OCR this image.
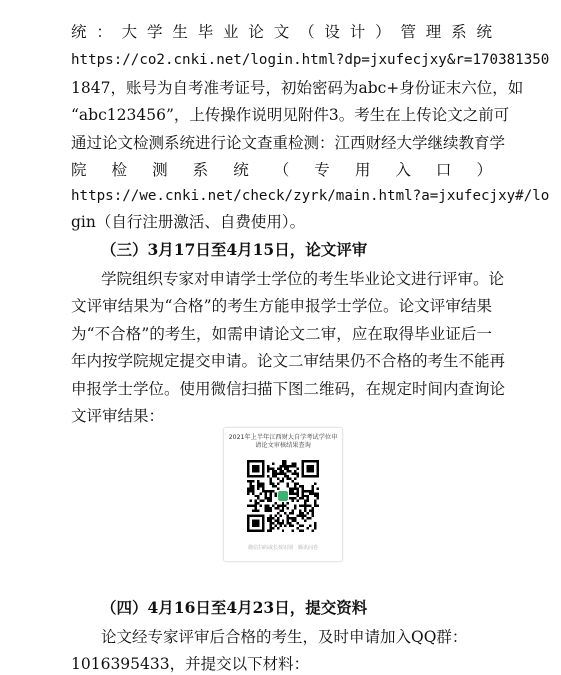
统：大学生毕业论文（设计）管理系统
https://co2.cnki.net/login.html?dp=jxufecjxy&r=170381350
1847，账号为自考准考证号，初始密码为abc+身份证末六位，如
“abc123456”，上传操作说明见附件3。考生在上传论文之前可
通过论文检测系统进行论文查重检测：江西财经大学继续教育学
院检测系统（专用入口）
https://we.cnki.net/check/zyrk/main.html?a=jxufecjxy#/lo
gin（自行注册激活、自费使用）。
（三）3月17日至4月15日，论文评审
学院组织专家对申请学士学位的考生毕业论文进行评审。论
文评审结果为“合格”的考生方能申报学士学位。论文评审结果
为“不合格”的考生，如需申请论文二审，应在取得毕业证后一
年内按学院规定提交申请。论文二审结果仍不合格的考生不能再
申报学士学位。使用微信扫描下图二维码，在规定时间内查询论
文评审结果：
2021年上半年江西财大自学考试学位申请论文审核结果查询
微信扫码或长按识别　腾讯问卷
（四）4月16日至4月23日，提交资料
论文经专家评审后合格的考生，及时申请加入QQ群：
1016395433，并提交以下材料：
